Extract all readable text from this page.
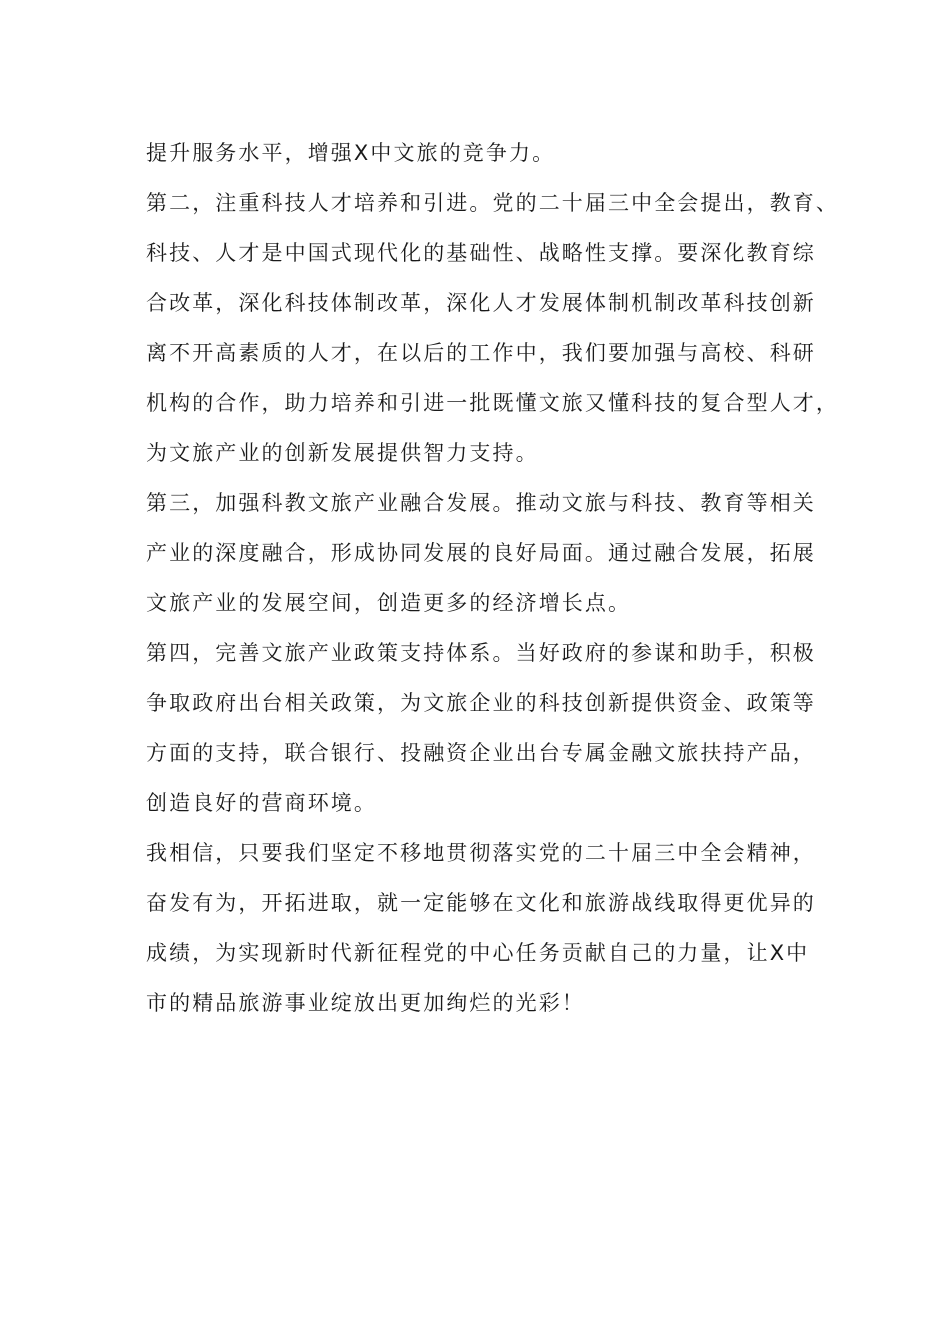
提升服务水平，增强X中文旅的竞争力。
第二，注重科技人才培养和引进。党的二十届三中全会提出，教育、
科技、人才是中国式现代化的基础性、战略性支撑。要深化教育综
合改革，深化科技体制改革，深化人才发展体制机制改革科技创新
离不开高素质的人才，在以后的工作中，我们要加强与高校、科研
机构的合作，助力培养和引进一批既懂文旅又懂科技的复合型人才，
为文旅产业的创新发展提供智力支持。
第三，加强科教文旅产业融合发展。推动文旅与科技、教育等相关
产业的深度融合，形成协同发展的良好局面。通过融合发展，拓展
文旅产业的发展空间，创造更多的经济增长点。
第四，完善文旅产业政策支持体系。当好政府的参谋和助手，积极
争取政府出台相关政策，为文旅企业的科技创新提供资金、政策等
方面的支持，联合银行、投融资企业出台专属金融文旅扶持产品，
创造良好的营商环境。
我相信，只要我们坚定不移地贯彻落实党的二十届三中全会精神，
奋发有为，开拓进取，就一定能够在文化和旅游战线取得更优异的
成绩，为实现新时代新征程党的中心任务贡献自己的力量，让X中
市的精品旅游事业绽放出更加绚烂的光彩！
